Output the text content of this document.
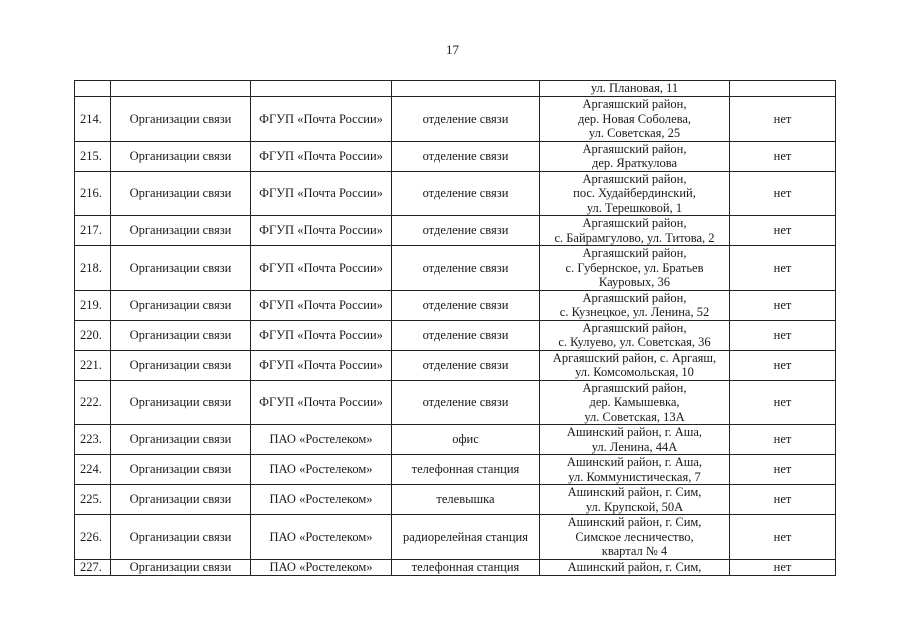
17

				ул. Плановая, 11	

214.	Организации связи	ФГУП «Почта России»	отделение связи	Аргаяшский район,
дер. Новая Соболева,
ул. Советская, 25	нет
215.	Организации связи	ФГУП «Почта России»	отделение связи	Аргаяшский район,
дер. Яраткулова	нет
216.	Организации связи	ФГУП «Почта России»	отделение связи	Аргаяшский район,
пос. Худайбердинский,
ул. Терешковой, 1	нет
217.	Организации связи	ФГУП «Почта России»	отделение связи	Аргаяшский район,
с. Байрамгулово, ул. Титова, 2	нет
218.	Организации связи	ФГУП «Почта России»	отделение связи	Аргаяшский район,
с. Губернское, ул. Братьев
Кауровых, 36	нет
219.	Организации связи	ФГУП «Почта России»	отделение связи	Аргаяшский район,
с. Кузнецкое, ул. Ленина, 52	нет
220.	Организации связи	ФГУП «Почта России»	отделение связи	Аргаяшский район,
с. Кулуево, ул. Советская, 36	нет
221.	Организации связи	ФГУП «Почта России»	отделение связи	Аргаяшский район, с. Аргаяш,
ул. Комсомольская, 10	нет
222.	Организации связи	ФГУП «Почта России»	отделение связи	Аргаяшский район,
дер. Камышевка,
ул. Советская, 13А	нет
223.	Организации связи	ПАО «Ростелеком»	офис	Ашинский район, г. Аша,
ул. Ленина, 44А	нет
224.	Организации связи	ПАО «Ростелеком»	телефонная станция	Ашинский район, г. Аша,
ул. Коммунистическая, 7	нет
225.	Организации связи	ПАО «Ростелеком»	телевышка	Ашинский район, г. Сим,
ул. Крупской, 50А	нет
226.	Организации связи	ПАО «Ростелеком»	радиорелейная станция	Ашинский район, г. Сим,
Симское лесничество,
квартал № 4	нет
227.	Организации связи	ПАО «Ростелеком»	телефонная станция	Ашинский район, г. Сим,	нет
